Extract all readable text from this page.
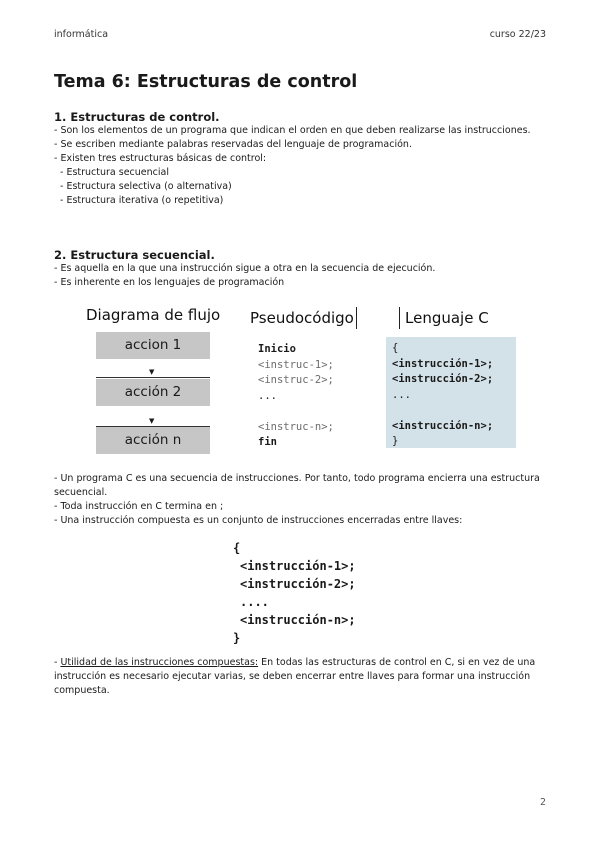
informática	curso 22/23
Tema 6: Estructuras de control
1. Estructuras de control.
- Son los elementos de un programa que indican el orden en que deben realizarse las instrucciones.
- Se escriben mediante palabras reservadas del lenguaje de programación.
- Existen tres estructuras básicas de control:
- Estructura secuencial
- Estructura selectiva (o alternativa)
- Estructura iterativa (o repetitiva)
2. Estructura secuencial.
- Es aquella en la que una instrucción sigue a otra en la secuencia de ejecución.
- Es inherente en los lenguajes de programación
Diagrama de flujo Pseudocódigo	Lenguaje C
accion 1
▼
acción 2
▼
acción n
Inicio
<instruc-1>;
<instruc-2>;
...
<instruc-n>;
fin
{
<instrucción-1>;
<instrucción-2>;
...
<instrucción-n>;
}
- Un programa C es una secuencia de instrucciones. Por tanto, todo programa encierra una estructura secuencial.
- Toda instrucción en C termina en ;
- Una instrucción compuesta es un conjunto de instrucciones encerradas entre llaves:
{
<instrucción-1>;
<instrucción-2>;
....
<instrucción-n>;
}
- Utilidad de las instrucciones compuestas: En todas las estructuras de control en C, si en vez de una instrucción es necesario ejecutar varias, se deben encerrar entre llaves para formar una instrucción compuesta.
2
